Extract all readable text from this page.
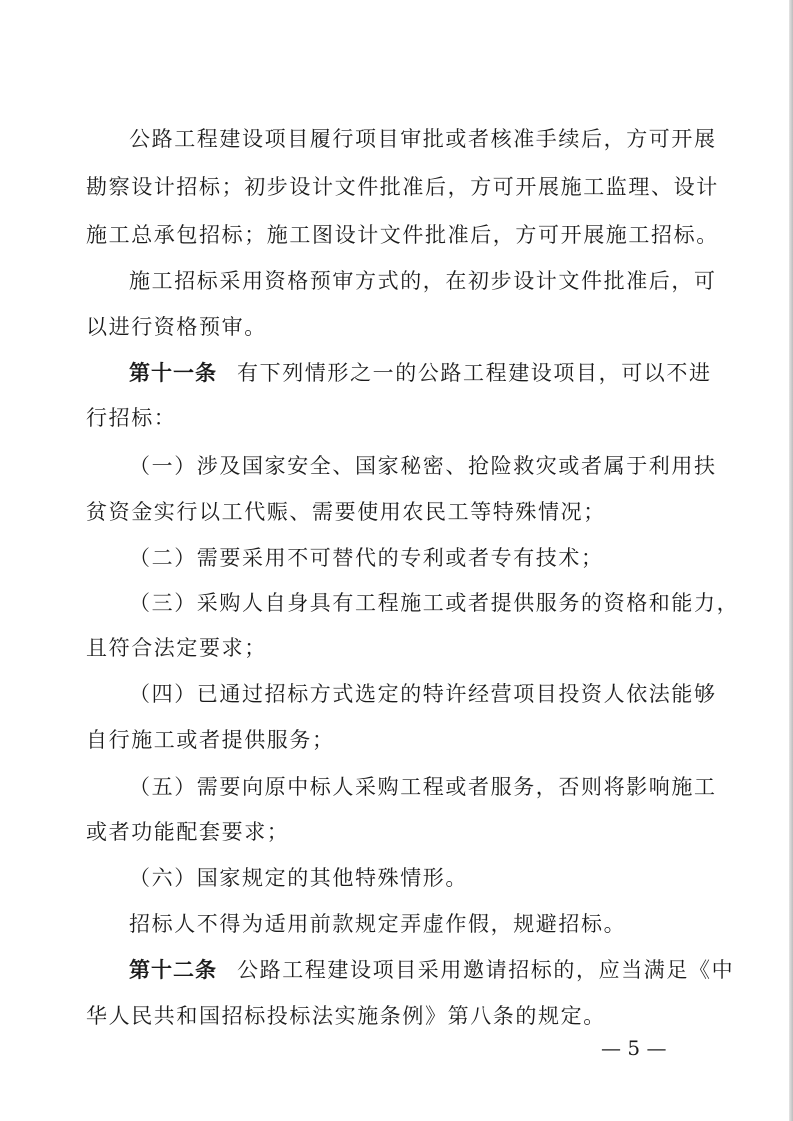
公路工程建设项目履行项目审批或者核准手续后，方可开展
勘察设计招标；初步设计文件批准后，方可开展施工监理、设计
施工总承包招标；施工图设计文件批准后，方可开展施工招标。
施工招标采用资格预审方式的，在初步设计文件批准后，可
以进行资格预审。
第十一条 有下列情形之一的公路工程建设项目，可以不进
行招标：
（一）涉及国家安全、国家秘密、抢险救灾或者属于利用扶
贫资金实行以工代赈、需要使用农民工等特殊情况；
（二）需要采用不可替代的专利或者专有技术；
（三）采购人自身具有工程施工或者提供服务的资格和能力，
且符合法定要求；
（四）已通过招标方式选定的特许经营项目投资人依法能够
自行施工或者提供服务；
（五）需要向原中标人采购工程或者服务，否则将影响施工
或者功能配套要求；
（六）国家规定的其他特殊情形。
招标人不得为适用前款规定弄虚作假，规避招标。
第十二条 公路工程建设项目采用邀请招标的，应当满足《中
华人民共和国招标投标法实施条例》第八条的规定。
— 5 —
